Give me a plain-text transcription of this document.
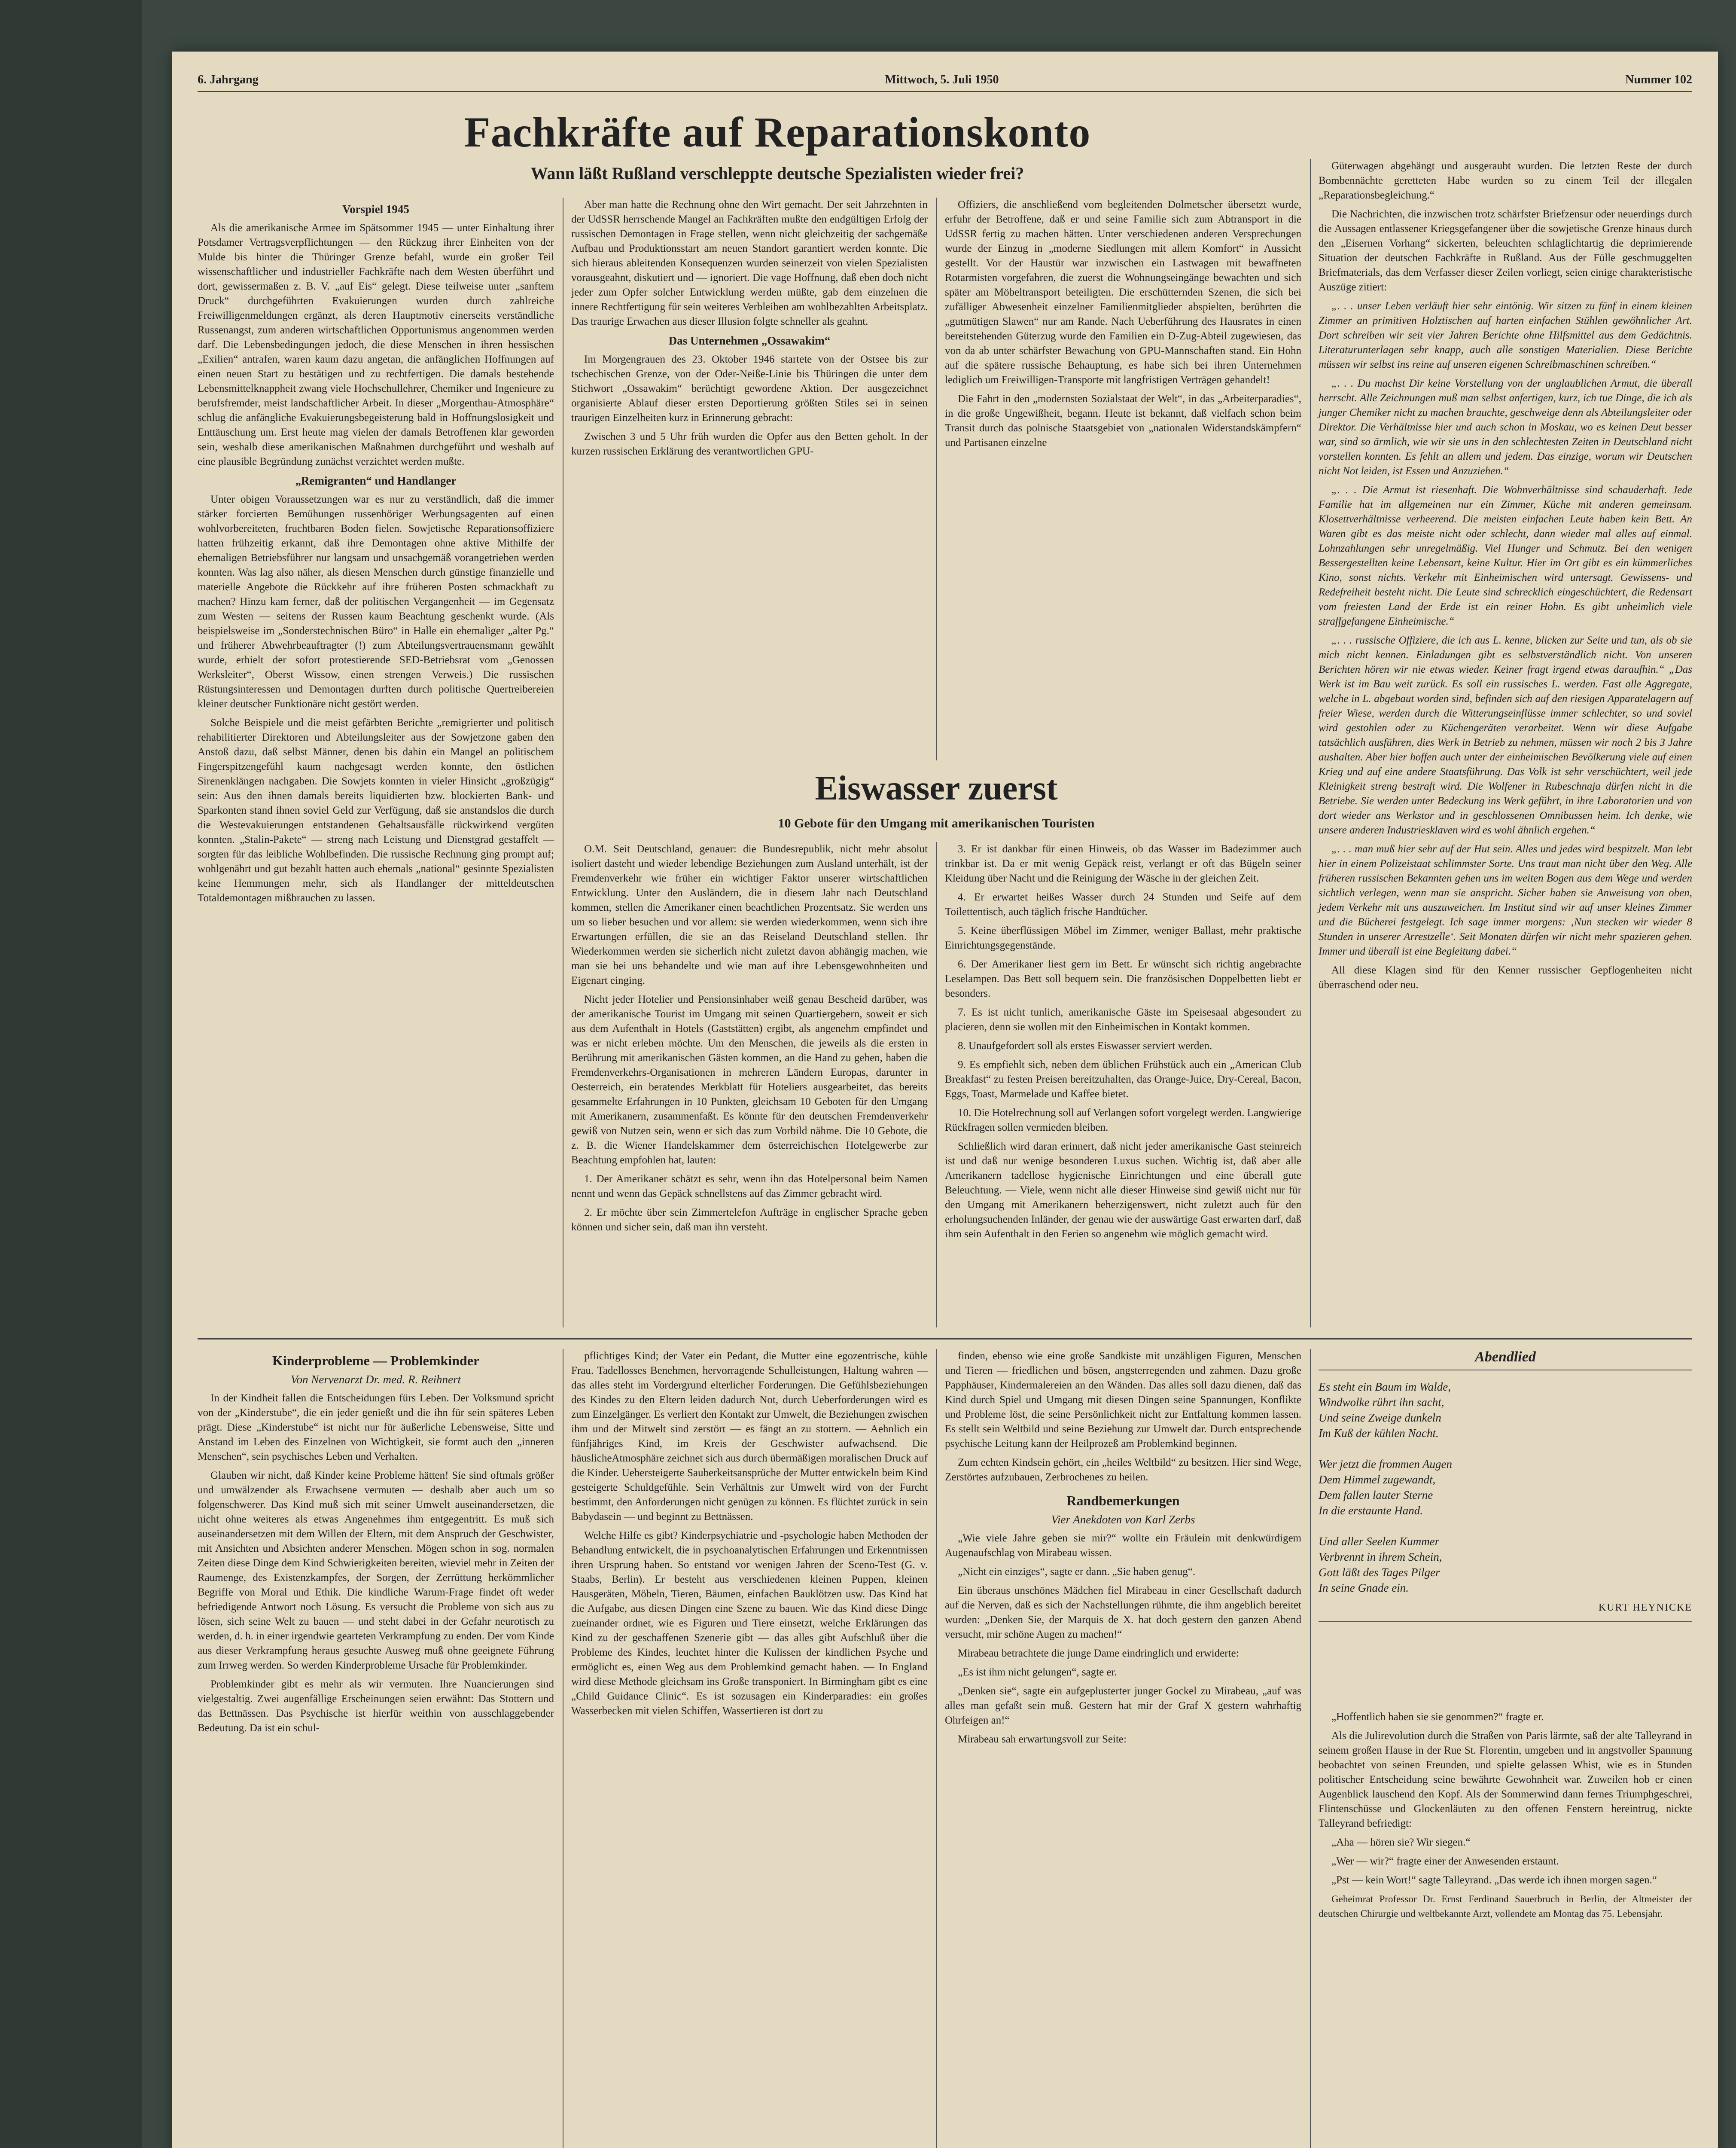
6. Jahrgang	Mittwoch, 5. Juli 1950	Nummer 102
Fachkräfte auf Reparationskonto
Wann läßt Rußland verschleppte deutsche Spezialisten wieder frei?
Vorspiel 1945

Als die amerikanische Armee im Spätsommer 1945 — unter Einhaltung ihrer Potsdamer Vertragsverpflichtungen — den Rückzug ihrer Einheiten von der Mulde bis hinter die Thüringer Grenze befahl, wurde ein großer Teil wissenschaftlicher und industrieller Fachkräfte nach dem Westen überführt und dort, gewissermaßen z. B. V. „auf Eis“ gelegt. Diese teilweise unter „sanftem Druck“ durchgeführten Evakuierungen wurden durch zahlreiche Freiwilligenmeldungen ergänzt, als deren Hauptmotiv einerseits verständliche Russenangst, zum anderen wirtschaftlichen Opportunismus angenommen werden darf. Die Lebensbedingungen jedoch, die diese Menschen in ihren hessischen „Exilien“ antrafen, waren kaum dazu angetan, die anfänglichen Hoffnungen auf einen neuen Start zu bestätigen und zu rechtfertigen. Die damals bestehende Lebensmittelknappheit zwang viele Hochschullehrer, Chemiker und Ingenieure zu berufsfremder, meist landschaftlicher Arbeit. In dieser „Morgenthau-Atmosphäre“ schlug die anfängliche Evakuierungsbegeisterung bald in Hoffnungslosigkeit und Enttäuschung um. Erst heute mag vielen der damals Betroffenen klar geworden sein, weshalb diese amerikanischen Maßnahmen durchgeführt und weshalb auf eine plausible Begründung zunächst verzichtet werden mußte.

„Remigranten“ und Handlanger

Unter obigen Voraussetzungen war es nur zu verständlich, daß die immer stärker forcierten Bemühungen russenhöriger Werbungsagenten auf einen wohlvorbereiteten, fruchtbaren Boden fielen. Sowjetische Reparationsoffiziere hatten frühzeitig erkannt, daß ihre Demontagen ohne aktive Mithilfe der ehemaligen Betriebsführer nur langsam und unsachgemäß vorangetrieben werden konnten. Was lag also näher, als diesen Menschen durch günstige finanzielle und materielle Angebote die Rückkehr auf ihre früheren Posten schmackhaft zu machen? Hinzu kam ferner, daß der politischen Vergangenheit — im Gegensatz zum Westen — seitens der Russen kaum Beachtung geschenkt wurde. (Als beispielsweise im „Sonderstechnischen Büro“ in Halle ein ehemaliger „alter Pg.“ und früherer Abwehrbeauftragter (!) zum Abteilungsvertrauensmann gewählt wurde, erhielt der sofort protestierende SED-Betriebsrat vom „Genossen Werksleiter“, Oberst Wissow, einen strengen Verweis.) Die russischen Rüstungsinteressen und Demontagen durften durch politische Quertreibereien kleiner deutscher Funktionäre nicht gestört werden.

Solche Beispiele und die meist gefärbten Berichte „remigrierter und politisch rehabilitierter Direktoren und Abteilungsleiter aus der Sowjetzone gaben den Anstoß dazu, daß selbst Männer, denen bis dahin ein Mangel an politischem Fingerspitzengefühl kaum nachgesagt werden konnte, den östlichen Sirenenklängen nachgaben. Die Sowjets konnten in vieler Hinsicht „großzügig“ sein: Aus den ihnen damals bereits liquidierten bzw. blockierten Bank- und Sparkonten stand ihnen soviel Geld zur Verfügung, daß sie anstandslos die durch die Westevakuierungen entstandenen Gehaltsausfälle rückwirkend vergüten konnten. „Stalin-Pakete“ — streng nach Leistung und Dienstgrad gestaffelt — sorgten für das leibliche Wohlbefinden. Die russische Rechnung ging prompt auf; wohlgenährt und gut bezahlt hatten auch ehemals „national“ gesinnte Spezialisten keine Hemmungen mehr, sich als Handlanger der mitteldeutschen Totaldemontagen mißbrauchen zu lassen.

Aber man hatte die Rechnung ohne den Wirt gemacht. Der seit Jahrzehnten in der UdSSR herrschende Mangel an Fachkräften mußte den endgültigen Erfolg der russischen Demontagen in Frage stellen, wenn nicht gleichzeitig der sachgemäße Aufbau und Produktionsstart am neuen Standort garantiert werden konnte. Die sich hieraus ableitenden Konsequenzen wurden seinerzeit von vielen Spezialisten vorausgeahnt, diskutiert und — ignoriert. Die vage Hoffnung, daß eben doch nicht jeder zum Opfer solcher Entwicklung werden müßte, gab dem einzelnen die innere Rechtfertigung für sein weiteres Verbleiben am wohlbezahlten Arbeitsplatz. Das traurige Erwachen aus dieser Illusion folgte schneller als geahnt.

Das Unternehmen „Ossawakim“

Im Morgengrauen des 23. Oktober 1946 startete von der Ostsee bis zur tschechischen Grenze, von der Oder-Neiße-Linie bis Thüringen die unter dem Stichwort „Ossawakim“ berüchtigt gewordene Aktion. Der ausgezeichnet organisierte Ablauf dieser ersten Deportierung größten Stiles sei in seinen traurigen Einzelheiten kurz in Erinnerung gebracht:

Zwischen 3 und 5 Uhr früh wurden die Opfer aus den Betten geholt. In der kurzen russischen Erklärung des verantwortlichen GPU-

Offiziers, die anschließend vom begleitenden Dolmetscher übersetzt wurde, erfuhr der Betroffene, daß er und seine Familie sich zum Abtransport in die UdSSR fertig zu machen hätten. Unter verschiedenen anderen Versprechungen wurde der Einzug in „moderne Siedlungen mit allem Komfort“ in Aussicht gestellt. Vor der Haustür war inzwischen ein Lastwagen mit bewaffneten Rotarmisten vorgefahren, die zuerst die Wohnungseingänge bewachten und sich später am Möbeltransport beteiligten. Die erschütternden Szenen, die sich bei zufälliger Abwesenheit einzelner Familienmitglieder abspielten, berührten die „gutmütigen Slawen“ nur am Rande. Nach Ueberführung des Hausrates in einen bereitstehenden Güterzug wurde den Familien ein D-Zug-Abteil zugewiesen, das von da ab unter schärfster Bewachung von GPU-Mannschaften stand. Ein Hohn auf die spätere russische Behauptung, es habe sich bei ihren Unternehmen lediglich um Freiwilligen-Transporte mit langfristigen Verträgen gehandelt!

Die Fahrt in den „modernsten Sozialstaat der Welt“, in das „Arbeiterparadies“, in die große Ungewißheit, begann. Heute ist bekannt, daß vielfach schon beim Transit durch das polnische Staatsgebiet von „nationalen Widerstandskämpfern“ und Partisanen einzelne

Eiswasser zuerst
10 Gebote für den Umgang mit amerikanischen Touristen

O.M. Seit Deutschland, genauer: die Bundesrepublik, nicht mehr absolut isoliert dasteht und wieder lebendige Beziehungen zum Ausland unterhält, ist der Fremdenverkehr wie früher ein wichtiger Faktor unserer wirtschaftlichen Entwicklung. Unter den Ausländern, die in diesem Jahr nach Deutschland kommen, stellen die Amerikaner einen beachtlichen Prozentsatz. Sie werden uns um so lieber besuchen und vor allem: sie werden wiederkommen, wenn sich ihre Erwartungen erfüllen, die sie an das Reiseland Deutschland stellen. Ihr Wiederkommen werden sie sicherlich nicht zuletzt davon abhängig machen, wie man sie bei uns behandelte und wie man auf ihre Lebensgewohnheiten und Eigenart einging.

Nicht jeder Hotelier und Pensionsinhaber weiß genau Bescheid darüber, was der amerikanische Tourist im Umgang mit seinen Quartiergebern, soweit er sich aus dem Aufenthalt in Hotels (Gaststätten) ergibt, als angenehm empfindet und was er nicht erleben möchte. Um den Menschen, die jeweils als die ersten in Berührung mit amerikanischen Gästen kommen, an die Hand zu gehen, haben die Fremdenverkehrs-Organisationen in mehreren Ländern Europas, darunter in Oesterreich, ein beratendes Merkblatt für Hoteliers ausgearbeitet, das bereits gesammelte Erfahrungen in 10 Punkten, gleichsam 10 Geboten für den Umgang mit Amerikanern, zusammenfaßt. Es könnte für den deutschen Fremdenverkehr gewiß von Nutzen sein, wenn er sich das zum Vorbild nähme. Die 10 Gebote, die z. B. die Wiener Handelskammer dem österreichischen Hotelgewerbe zur Beachtung empfohlen hat, lauten:

1. Der Amerikaner schätzt es sehr, wenn ihn das Hotelpersonal beim Namen nennt und wenn das Gepäck schnellstens auf das Zimmer gebracht wird.

2. Er möchte über sein Zimmertelefon Aufträge in englischer Sprache geben können und sicher sein, daß man ihn versteht.

3. Er ist dankbar für einen Hinweis, ob das Wasser im Badezimmer auch trinkbar ist. Da er mit wenig Gepäck reist, verlangt er oft das Bügeln seiner Kleidung über Nacht und die Reinigung der Wäsche in der gleichen Zeit.

4. Er erwartet heißes Wasser durch 24 Stunden und Seife auf dem Toilettentisch, auch täglich frische Handtücher.

5. Keine überflüssigen Möbel im Zimmer, weniger Ballast, mehr praktische Einrichtungsgegenstände.

6. Der Amerikaner liest gern im Bett. Er wünscht sich richtig angebrachte Leselampen. Das Bett soll bequem sein. Die französischen Doppelbetten liebt er besonders.

7. Es ist nicht tunlich, amerikanische Gäste im Speisesaal abgesondert zu placieren, denn sie wollen mit den Einheimischen in Kontakt kommen.

8. Unaufgefordert soll als erstes Eiswasser serviert werden.

9. Es empfiehlt sich, neben dem üblichen Frühstück auch ein „American Club Breakfast“ zu festen Preisen bereitzuhalten, das Orange-Juice, Dry-Cereal, Bacon, Eggs, Toast, Marmelade und Kaffee bietet.

10. Die Hotelrechnung soll auf Verlangen sofort vorgelegt werden. Langwierige Rückfragen sollen vermieden bleiben.

Schließlich wird daran erinnert, daß nicht jeder amerikanische Gast steinreich ist und daß nur wenige besonderen Luxus suchen. Wichtig ist, daß aber alle Amerikanern tadellose hygienische Einrichtungen und eine überall gute Beleuchtung. — Viele, wenn nicht alle dieser Hinweise sind gewiß nicht nur für den Umgang mit Amerikanern beherzigenswert, nicht zuletzt auch für den erholungsuchenden Inländer, der genau wie der auswärtige Gast erwarten darf, daß ihm sein Aufenthalt in den Ferien so angenehm wie möglich gemacht wird.

Güterwagen abgehängt und ausgeraubt wurden. Die letzten Reste der durch Bombennächte geretteten Habe wurden so zu einem Teil der illegalen „Reparationsbegleichung.“

Die Nachrichten, die inzwischen trotz schärfster Briefzensur oder neuerdings durch die Aussagen entlassener Kriegsgefangener über die sowjetische Grenze hinaus durch den „Eisernen Vorhang“ sickerten, beleuchten schlaglichtartig die deprimierende Situation der deutschen Fachkräfte in Rußland. Aus der Fülle geschmuggelten Briefmaterials, das dem Verfasser dieser Zeilen vorliegt, seien einige charakteristische Auszüge zitiert:

„. . . unser Leben verläuft hier sehr eintönig. Wir sitzen zu fünf in einem kleinen Zimmer an primitiven Holztischen auf harten einfachen Stühlen gewöhnlicher Art. Dort schreiben wir seit vier Jahren Berichte ohne Hilfsmittel aus dem Gedächtnis. Literaturunterlagen sehr knapp, auch alle sonstigen Materialien. Diese Berichte müssen wir selbst ins reine auf unseren eigenen Schreibmaschinen schreiben.“

„. . . Du machst Dir keine Vorstellung von der unglaublichen Armut, die überall herrscht. Alle Zeichnungen muß man selbst anfertigen, kurz, ich tue Dinge, die ich als junger Chemiker nicht zu machen brauchte, geschweige denn als Abteilungsleiter oder Direktor. Die Verhältnisse hier und auch schon in Moskau, wo es keinen Deut besser war, sind so ärmlich, wie wir sie uns in den schlechtesten Zeiten in Deutschland nicht vorstellen konnten. Es fehlt an allem und jedem. Das einzige, worum wir Deutschen nicht Not leiden, ist Essen und Anzuziehen.“

„. . . Die Armut ist riesenhaft. Die Wohnverhältnisse sind schauderhaft. Jede Familie hat im allgemeinen nur ein Zimmer, Küche mit anderen gemeinsam. Klosettverhältnisse verheerend. Die meisten einfachen Leute haben kein Bett. An Waren gibt es das meiste nicht oder schlecht, dann wieder mal alles auf einmal. Lohnzahlungen sehr unregelmäßig. Viel Hunger und Schmutz. Bei den wenigen Bessergestellten keine Lebensart, keine Kultur. Hier im Ort gibt es ein kümmerliches Kino, sonst nichts. Verkehr mit Einheimischen wird untersagt. Gewissens- und Redefreiheit besteht nicht. Die Leute sind schrecklich eingeschüchtert, die Redensart vom freiesten Land der Erde ist ein reiner Hohn. Es gibt unheimlich viele straffgefangene Einheimische.“

„. . . russische Offiziere, die ich aus L. kenne, blicken zur Seite und tun, als ob sie mich nicht kennen. Einladungen gibt es selbstverständlich nicht. Von unseren Berichten hören wir nie etwas wieder. Keiner fragt irgend etwas daraufhin.“ „Das Werk ist im Bau weit zurück. Es soll ein russisches L. werden. Fast alle Aggregate, welche in L. abgebaut worden sind, befinden sich auf den riesigen Apparatelagern auf freier Wiese, werden durch die Witterungseinflüsse immer schlechter, so und soviel wird gestohlen oder zu Küchengeräten verarbeitet. Wenn wir diese Aufgabe tatsächlich ausführen, dies Werk in Betrieb zu nehmen, müssen wir noch 2 bis 3 Jahre aushalten. Aber hier hoffen auch unter der einheimischen Bevölkerung viele auf einen Krieg und auf eine andere Staatsführung. Das Volk ist sehr verschüchtert, weil jede Kleinigkeit streng bestraft wird. Die Wolfener in Rubeschnaja dürfen nicht in die Betriebe. Sie werden unter Bedeckung ins Werk geführt, in ihre Laboratorien und von dort wieder ans Werkstor und in geschlossenen Omnibussen heim. Ich denke, wie unsere anderen Industriesklaven wird es wohl ähnlich ergehen.“

„. . . man muß hier sehr auf der Hut sein. Alles und jedes wird bespitzelt. Man lebt hier in einem Polizeistaat schlimmster Sorte. Uns traut man nicht über den Weg. Alle früheren russischen Bekannten gehen uns im weiten Bogen aus dem Wege und werden sichtlich verlegen, wenn man sie anspricht. Sicher haben sie Anweisung von oben, jedem Verkehr mit uns auszuweichen. Im Institut sind wir auf unser kleines Zimmer und die Bücherei festgelegt. Ich sage immer morgens: ‚Nun stecken wir wieder 8 Stunden in unserer Arrestzelle‘. Seit Monaten dürfen wir nicht mehr spazieren gehen. Immer und überall ist eine Begleitung dabei.“

All diese Klagen sind für den Kenner russischer Gepflogenheiten nicht überraschend oder neu.

Kinderprobleme — Problemkinder
Von Nervenarzt Dr. med. R. Reihnert

In der Kindheit fallen die Entscheidungen fürs Leben. Der Volksmund spricht von der „Kinderstube“, die ein jeder genießt und die ihn für sein späteres Leben prägt. Diese „Kinderstube“ ist nicht nur für äußerliche Lebensweise, Sitte und Anstand im Leben des Einzelnen von Wichtigkeit, sie formt auch den „inneren Menschen“, sein psychisches Leben und Verhalten.

Glauben wir nicht, daß Kinder keine Probleme hätten! Sie sind oftmals größer und umwälzender als Erwachsene vermuten — deshalb aber auch um so folgenschwerer. Das Kind muß sich mit seiner Umwelt auseinandersetzen, die nicht ohne weiteres als etwas Angenehmes ihm entgegentritt. Es muß sich auseinandersetzen mit dem Willen der Eltern, mit dem Anspruch der Geschwister, mit Ansichten und Absichten anderer Menschen. Mögen schon in sog. normalen Zeiten diese Dinge dem Kind Schwierigkeiten bereiten, wieviel mehr in Zeiten der Raumenge, des Existenzkampfes, der Sorgen, der Zerrüttung herkömmlicher Begriffe von Moral und Ethik. Die kindliche Warum-Frage findet oft weder befriedigende Antwort noch Lösung. Es versucht die Probleme von sich aus zu lösen, sich seine Welt zu bauen — und steht dabei in der Gefahr neurotisch zu werden, d. h. in einer irgendwie gearteten Verkrampfung zu enden. Der vom Kinde aus dieser Verkrampfung heraus gesuchte Ausweg muß ohne geeignete Führung zum Irrweg werden. So werden Kinderprobleme Ursache für Problemkinder.

Problemkinder gibt es mehr als wir vermuten. Ihre Nuancierungen sind vielgestaltig. Zwei augenfällige Erscheinungen seien erwähnt: Das Stottern und das Bettnässen. Das Psychische ist hierfür weithin von ausschlaggebender Bedeutung. Da ist ein schul-

pflichtiges Kind; der Vater ein Pedant, die Mutter eine egozentrische, kühle Frau. Tadellosses Benehmen, hervorragende Schulleistungen, Haltung wahren — das alles steht im Vordergrund elterlicher Forderungen. Die Gefühlsbeziehungen des Kindes zu den Eltern leiden dadurch Not, durch Ueberforderungen wird es zum Einzelgänger. Es verliert den Kontakt zur Umwelt, die Beziehungen zwischen ihm und der Mitwelt sind zerstört — es fängt an zu stottern. — Aehnlich ein fünfjähriges Kind, im Kreis der Geschwister aufwachsend. Die häuslicheAtmosphäre zeichnet sich aus durch übermäßigen moralischen Druck auf die Kinder. Uebersteigerte Sauberkeitsansprüche der Mutter entwickeln beim Kind gesteigerte Schuldgefühle. Sein Verhältnis zur Umwelt wird von der Furcht bestimmt, den Anforderungen nicht genügen zu können. Es flüchtet zurück in sein Babydasein — und beginnt zu Bettnässen.

Welche Hilfe es gibt? Kinderpsychiatrie und -psychologie haben Methoden der Behandlung entwickelt, die in psychoanalytischen Erfahrungen und Erkenntnissen ihren Ursprung haben. So entstand vor wenigen Jahren der Sceno-Test (G. v. Staabs, Berlin). Er besteht aus verschiedenen kleinen Puppen, kleinen Hausgeräten, Möbeln, Tieren, Bäumen, einfachen Bauklötzen usw. Das Kind hat die Aufgabe, aus diesen Dingen eine Szene zu bauen. Wie das Kind diese Dinge zueinander ordnet, wie es Figuren und Tiere einsetzt, welche Erklärungen das Kind zu der geschaffenen Szenerie gibt — das alles gibt Aufschluß über die Probleme des Kindes, leuchtet hinter die Kulissen der kindlichen Psyche und ermöglicht es, einen Weg aus dem Problemkind gemacht haben. — In England wird diese Methode gleichsam ins Große transponiert. In Birmingham gibt es eine „Child Guidance Clinic“. Es ist sozusagen ein Kinderparadies: ein großes Wasserbecken mit vielen Schiffen, Wassertieren ist dort zu

finden, ebenso wie eine große Sandkiste mit unzähligen Figuren, Menschen und Tieren — friedlichen und bösen, angsterregenden und zahmen. Dazu große Papphäuser, Kindermalereien an den Wänden. Das alles soll dazu dienen, daß das Kind durch Spiel und Umgang mit diesen Dingen seine Spannungen, Konflikte und Probleme löst, die seine Persönlichkeit nicht zur Entfaltung kommen lassen. Es stellt sein Weltbild und seine Beziehung zur Umwelt dar. Durch entsprechende psychische Leitung kann der Heilprozeß am Problemkind beginnen.

Zum echten Kindsein gehört, ein „heiles Weltbild“ zu besitzen. Hier sind Wege, Zerstörtes aufzubauen, Zerbrochenes zu heilen.

Randbemerkungen
Vier Anekdoten von Karl Zerbs

„Wie viele Jahre geben sie mir?“ wollte ein Fräulein mit denkwürdigem Augenaufschlag von Mirabeau wissen.

„Nicht ein einziges“, sagte er dann. „Sie haben genug“.

Ein überaus unschönes Mädchen fiel Mirabeau in einer Gesellschaft dadurch auf die Nerven, daß es sich der Nachstellungen rühmte, die ihm angeblich bereitet wurden: „Denken Sie, der Marquis de X. hat doch gestern den ganzen Abend versucht, mir schöne Augen zu machen!“

Mirabeau betrachtete die junge Dame eindringlich und erwiderte:

„Es ist ihm nicht gelungen“, sagte er.

„Denken sie“, sagte ein aufgeplusterter junger Gockel zu Mirabeau, „auf was alles man gefaßt sein muß. Gestern hat mir der Graf X gestern wahrhaftig Ohrfeigen an!“

Mirabeau sah erwartungsvoll zur Seite:

Abendlied
Es steht ein Baum im Walde,
Windwolke rührt ihn sacht,
Und seine Zweige dunkeln
Im Kuß der kühlen Nacht.
Wer jetzt die frommen Augen
Dem Himmel zugewandt,
Dem fallen lauter Sterne
In die erstaunte Hand.
Und aller Seelen Kummer
Verbrennt in ihrem Schein,
Gott läßt des Tages Pilger
In seine Gnade ein.
KURT HEYNICKE

„Hoffentlich haben sie sie genommen?“ fragte er.

Als die Julirevolution durch die Straßen von Paris lärmte, saß der alte Talleyrand in seinem großen Hause in der Rue St. Florentin, umgeben und in angstvoller Spannung beobachtet von seinen Freunden, und spielte gelassen Whist, wie es in Stunden politischer Entscheidung seine bewährte Gewohnheit war. Zuweilen hob er einen Augenblick lauschend den Kopf. Als der Sommerwind dann fernes Triumphgeschrei, Flintenschüsse und Glockenläuten zu den offenen Fenstern hereintrug, nickte Talleyrand befriedigt:

„Aha — hören sie? Wir siegen.“

„Wer — wir?“ fragte einer der Anwesenden erstaunt.

„Pst — kein Wort!“ sagte Talleyrand. „Das werde ich ihnen morgen sagen.“

Geheimrat Professor Dr. Ernst Ferdinand Sauerbruch in Berlin, der Altmeister der deutschen Chirurgie und weltbekannte Arzt, vollendete am Montag das 75. Lebensjahr.
